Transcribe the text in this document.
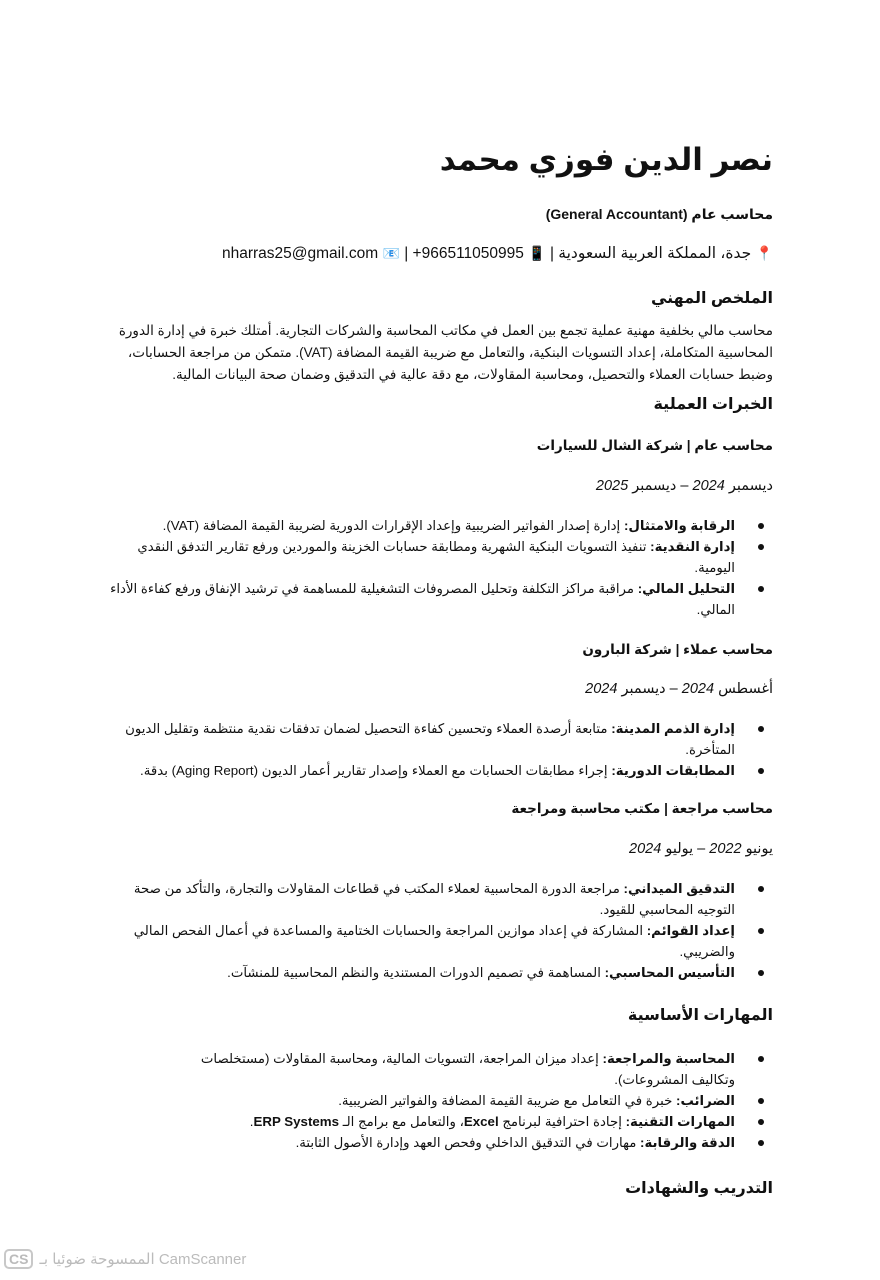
نصر الدين فوزي محمد
محاسب عام (General Accountant)
📍 جدة، المملكة العربية السعودية | 📱 +966511050995 | 📧 nharras25@gmail.com
الملخص المهني
محاسب مالي بخلفية مهنية عملية تجمع بين العمل في مكاتب المحاسبة والشركات التجارية. أمتلك خبرة في إدارة الدورة المحاسبية المتكاملة، إعداد التسويات البنكية، والتعامل مع ضريبة القيمة المضافة (VAT). متمكن من مراجعة الحسابات، وضبط حسابات العملاء والتحصيل، ومحاسبة المقاولات، مع دقة عالية في التدقيق وضمان صحة البيانات المالية.
الخبرات العملية
محاسب عام | شركة الشال للسيارات
ديسمبر 2024 – ديسمبر 2025
الرقابة والامتثال: إدارة إصدار الفواتير الضريبية وإعداد الإقرارات الدورية لضريبة القيمة المضافة (VAT).
إدارة النقدية: تنفيذ التسويات البنكية الشهرية ومطابقة حسابات الخزينة والموردين ورفع تقارير التدفق النقدي اليومية.
التحليل المالي: مراقبة مراكز التكلفة وتحليل المصروفات التشغيلية للمساهمة في ترشيد الإنفاق ورفع كفاءة الأداء المالي.
محاسب عملاء | شركة البارون
أغسطس 2024 – ديسمبر 2024
إدارة الذمم المدينة: متابعة أرصدة العملاء وتحسين كفاءة التحصيل لضمان تدفقات نقدية منتظمة وتقليل الديون المتأخرة.
المطابقات الدورية: إجراء مطابقات الحسابات مع العملاء وإصدار تقارير أعمار الديون (Aging Report) بدقة.
محاسب مراجعة | مكتب محاسبة ومراجعة
يونيو 2022 – يوليو 2024
التدقيق الميداني: مراجعة الدورة المحاسبية لعملاء المكتب في قطاعات المقاولات والتجارة، والتأكد من صحة التوجيه المحاسبي للقيود.
إعداد القوائم: المشاركة في إعداد موازين المراجعة والحسابات الختامية والمساعدة في أعمال الفحص المالي والضريبي.
التأسيس المحاسبي: المساهمة في تصميم الدورات المستندية والنظم المحاسبية للمنشآت.
المهارات الأساسية
المحاسبة والمراجعة: إعداد ميزان المراجعة، التسويات المالية، ومحاسبة المقاولات (مستخلصات وتكاليف المشروعات).
الضرائب: خبرة في التعامل مع ضريبة القيمة المضافة والفواتير الضريبية.
المهارات التقنية: إجادة احترافية لبرنامج Excel، والتعامل مع برامج الـ ERP Systems.
الدقة والرقابة: مهارات في التدقيق الداخلي وفحص العهد وإدارة الأصول الثابتة.
التدريب والشهادات
CS الممسوحة ضوئيا بـ CamScanner
